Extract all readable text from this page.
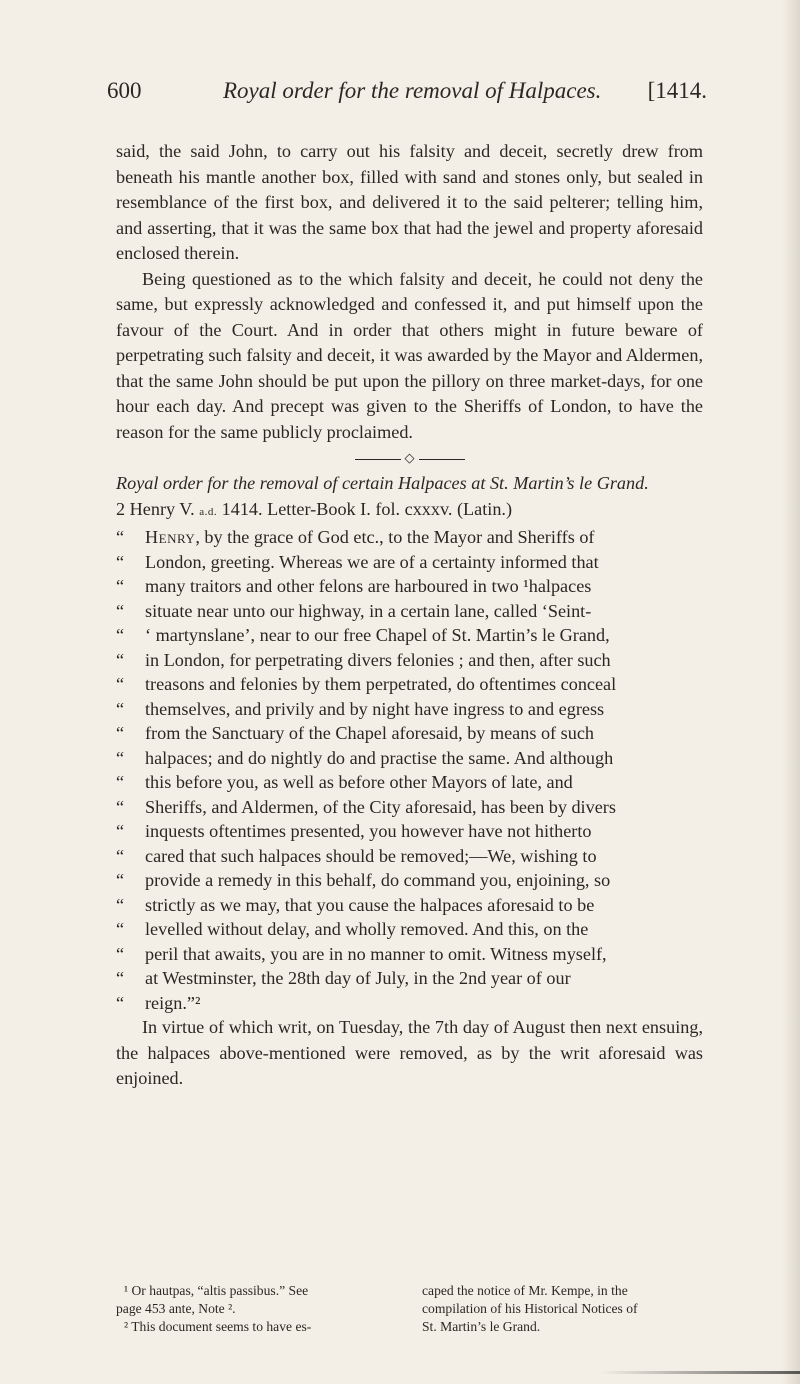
600	Royal order for the removal of Halpaces. [1414.

said, the said John, to carry out his falsity and deceit, secretly drew from beneath his mantle another box, filled with sand and stones only, but sealed in resemblance of the first box, and delivered it to the said pelterer; telling him, and asserting, that it was the same box that had the jewel and property aforesaid enclosed therein.

Being questioned as to the which falsity and deceit, he could not deny the same, but expressly acknowledged and confessed it, and put himself upon the favour of the Court. And in order that others might in future beware of perpetrating such falsity and deceit, it was awarded by the Mayor and Aldermen, that the same John should be put upon the pillory on three market-days, for one hour each day. And precept was given to the Sheriffs of London, to have the reason for the same publicly proclaimed.

◇

Royal order for the removal of certain Halpaces at St. Martin’s le Grand.

2 Henry V. a.d. 1414. Letter-Book I. fol. cxxxv. (Latin.)

“ Henry, by the grace of God etc., to the Mayor and Sheriffs of
“ London, greeting. Whereas we are of a certainty informed that
“ many traitors and other felons are harboured in two ¹halpaces
“ situate near unto our highway, in a certain lane, called ‘Seint-
“ ‘ martynslane’, near to our free Chapel of St. Martin’s le Grand,
“ in London, for perpetrating divers felonies ; and then, after such
“ treasons and felonies by them perpetrated, do oftentimes conceal
“ themselves, and privily and by night have ingress to and egress
“ from the Sanctuary of the Chapel aforesaid, by means of such
“ halpaces; and do nightly do and practise the same. And although
“ this before you, as well as before other Mayors of late, and
“ Sheriffs, and Aldermen, of the City aforesaid, has been by divers
“ inquests oftentimes presented, you however have not hitherto
“ cared that such halpaces should be removed;—We, wishing to
“ provide a remedy in this behalf, do command you, enjoining, so
“ strictly as we may, that you cause the halpaces aforesaid to be
“ levelled without delay, and wholly removed. And this, on the
“ peril that awaits, you are in no manner to omit. Witness myself,
“ at Westminster, the 28th day of July, in the 2nd year of our
“ reign.”²

In virtue of which writ, on Tuesday, the 7th day of August then next ensuing, the halpaces above-mentioned were removed, as by the writ aforesaid was enjoined.

¹ Or hautpas, “altis passibus.” See
page 453 ante, Note ².
² This document seems to have es-
caped the notice of Mr. Kempe, in the
compilation of his Historical Notices of
St. Martin’s le Grand.
